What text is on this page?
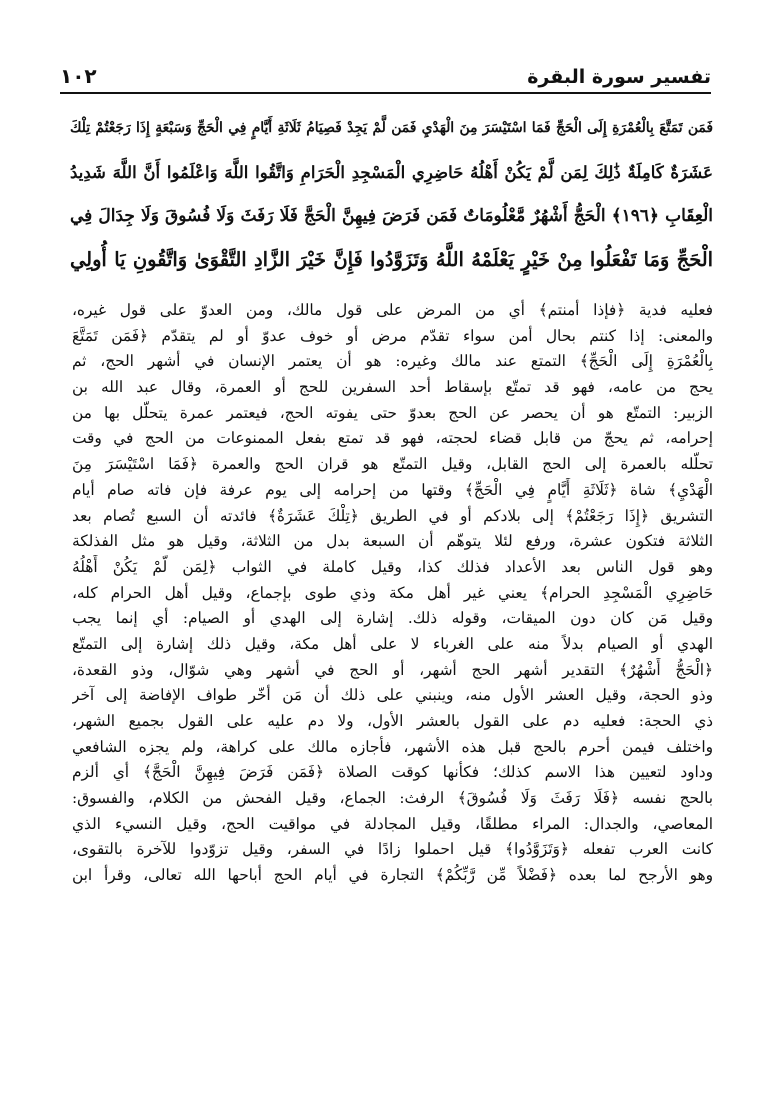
تفسير سورة البقرة
١٠٢
فَمَن تَمَتَّعَ بِالْعُمْرَةِ إِلَى الْحَجِّ فَمَا اسْتَيْسَرَ مِنَ الْهَدْيِ فَمَن لَّمْ يَجِدْ فَصِيَامُ ثَلَاثَةِ أَيَّامٍ فِي الْحَجِّ وَسَبْعَةٍ إِذَا رَجَعْتُمْ تِلْكَ
عَشَرَةٌ كَامِلَةٌ ذَٰلِكَ لِمَن لَّمْ يَكُنْ أَهْلُهُ حَاضِرِي الْمَسْجِدِ الْحَرَامِ وَاتَّقُوا اللَّهَ وَاعْلَمُوا أَنَّ اللَّهَ شَدِيدُ
الْعِقَابِ ﴿١٩٦﴾ الْحَجُّ أَشْهُرٌ مَّعْلُومَاتٌ فَمَن فَرَضَ فِيهِنَّ الْحَجَّ فَلَا رَفَثَ وَلَا فُسُوقَ وَلَا جِدَالَ فِي
الْحَجِّ وَمَا تَفْعَلُوا مِنْ خَيْرٍ يَعْلَمْهُ اللَّهُ وَتَزَوَّدُوا فَإِنَّ خَيْرَ الزَّادِ التَّقْوَىٰ وَاتَّقُونِ يَا أُولِي
فعليه فدية ﴿فإذا أمنتم﴾ أي من المرض على قول مالك، ومن العدوّ على قول غيره،
والمعنى: إذا كنتم بحال أمن سواء تقدّم مرض أو خوف عدوّ أو لم يتقدّم ﴿فَمَن تَمَتَّعَ
بِالْعُمْرَةِ إِلَى الْحَجِّ﴾ التمتع عند مالك وغيره: هو أن يعتمر الإنسان في أشهر الحج، ثم
يحج من عامه، فهو قد تمتّع بإسقاط أحد السفرين للحج أو العمرة، وقال عبد الله بن
الزبير: التمتّع هو أن يحصر عن الحج بعدوّ حتى يفوته الحج، فيعتمر عمرة يتحلّل بها من
إحرامه، ثم يحجّ من قابل قضاء لحجته، فهو قد تمتع بفعل الممنوعات من الحج في وقت
تحلّله بالعمرة إلى الحج القابل، وقيل التمتّع هو قران الحج والعمرة ﴿فَمَا اسْتَيْسَرَ مِنَ
الْهَدْيِ﴾ شاة ﴿ثَلَاثَةِ أَيَّامٍ فِي الْحَجِّ﴾ وقتها من إحرامه إلى يوم عرفة فإن فاته صام أيام
التشريق ﴿إِذَا رَجَعْتُمْ﴾ إلى بلادكم أو في الطريق ﴿تِلْكَ عَشَرَةٌ﴾ فائدته أن السبع تُصام بعد
الثلاثة فتكون عشرة، ورفع لئلا يتوهّم أن السبعة بدل من الثلاثة، وقيل هو مثل الفذلكة
وهو قول الناس بعد الأعداد فذلك كذا، وقيل كاملة في الثواب ﴿لِمَن لَّمْ يَكُنْ أَهْلُهُ
حَاضِرِي الْمَسْجِدِ الحرام﴾ يعني غير أهل مكة وذي طوى بإجماع، وقيل أهل الحرام كله،
وقيل مَن كان دون الميقات، وقوله ذلك. إشارة إلى الهدي أو الصيام: أي إنما يجب
الهدي أو الصيام بدلاً منه على الغرباء لا على أهل مكة، وقيل ذلك إشارة إلى التمتّع
﴿الْحَجُّ أَشْهُرٌ﴾ التقدير أشهر الحج أشهر، أو الحج في أشهر وهي شوّال، وذو القعدة،
وذو الحجة، وقيل العشر الأول منه، وينبني على ذلك أن مَن أخّر طواف الإفاضة إلى آخر
ذي الحجة: فعليه دم على القول بالعشر الأول، ولا دم عليه على القول بجميع الشهر،
واختلف فيمن أحرم بالحج قبل هذه الأشهر، فأجازه مالك على كراهة، ولم يجزه الشافعي
وداود لتعيين هذا الاسم كذلك؛ فكأنها كوقت الصلاة ﴿فَمَن فَرَضَ فِيهِنَّ الْحَجَّ﴾ أي ألزم
بالحج نفسه ﴿فَلَا رَفَثَ وَلَا فُسُوقَ﴾ الرفث: الجماع، وقيل الفحش من الكلام، والفسوق:
المعاصي، والجدال: المراء مطلقًا، وقيل المجادلة في مواقيت الحج، وقيل النسيء الذي
كانت العرب تفعله ﴿وَتَزَوَّدُوا﴾ قيل احملوا زادًا في السفر، وقيل تزوّدوا للآخرة بالتقوى،
وهو الأرجح لما بعده ﴿فَضْلاً مِّن رَّبِّكُمْ﴾ التجارة في أيام الحج أباحها الله تعالى، وقرأ ابن
